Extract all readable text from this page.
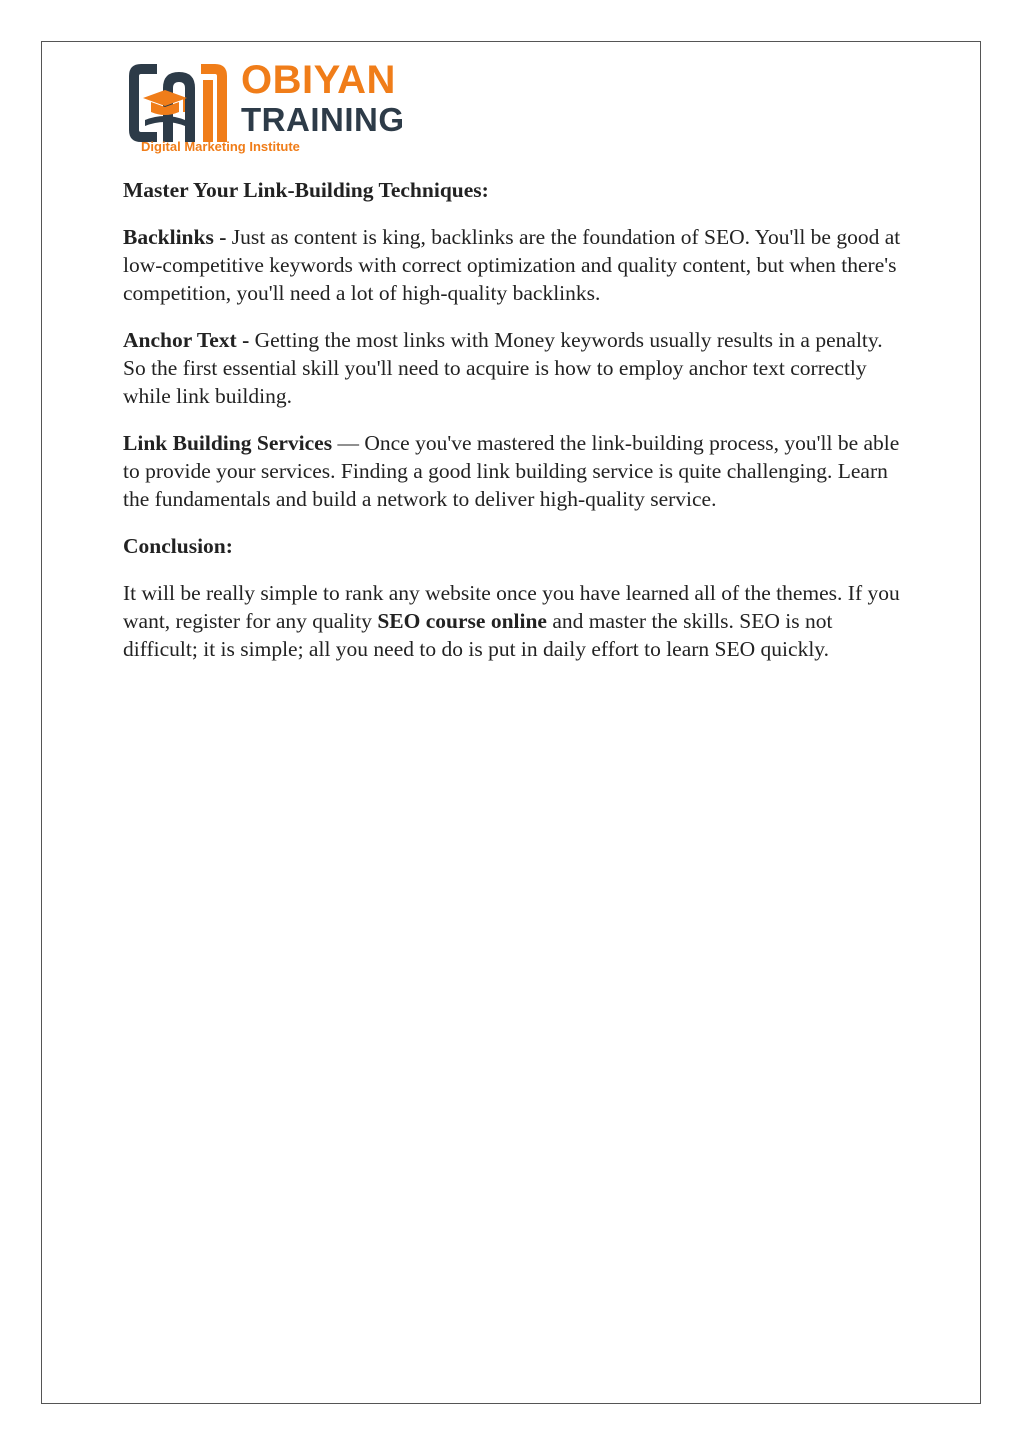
OBIYAN
TRAINING
Digital Marketing Institute

Master Your Link-Building Techniques:

Backlinks - Just as content is king, backlinks are the foundation of SEO. You'll be good at low-competitive keywords with correct optimization and quality content, but when there's competition, you'll need a lot of high-quality backlinks.

Anchor Text - Getting the most links with Money keywords usually results in a penalty. So the first essential skill you'll need to acquire is how to employ anchor text correctly while link building.

Link Building Services — Once you've mastered the link-building process, you'll be able to provide your services. Finding a good link building service is quite challenging. Learn the fundamentals and build a network to deliver high-quality service.

Conclusion:

It will be really simple to rank any website once you have learned all of the themes. If you want, register for any quality SEO course online and master the skills. SEO is not difficult; it is simple; all you need to do is put in daily effort to learn SEO quickly.
